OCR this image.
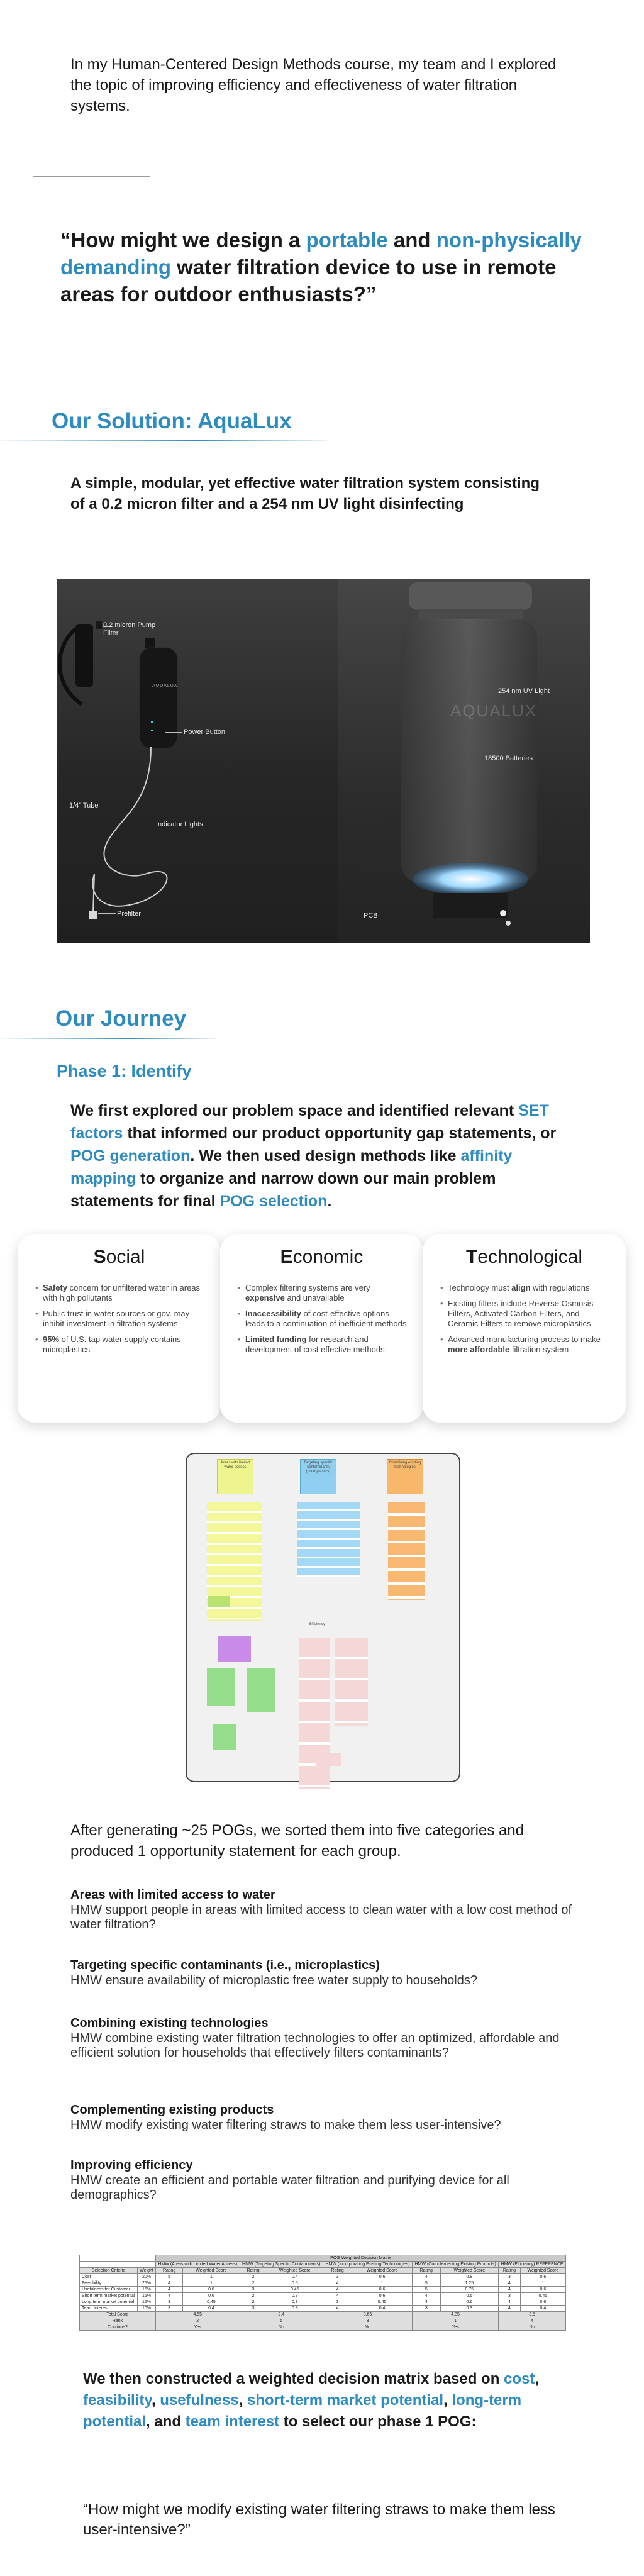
In my Human-Centered Design Methods course, my team and I explored the topic of improving efficiency and effectiveness of water filtration systems.

“How might we design a portable and non-physically demanding water filtration device to use in remote areas for outdoor enthusiasts?”

Our Solution: AquaLux

A simple, modular, yet effective water filtration system consisting of a 0.2 micron filter and a 254 nm UV light disinfecting

0.2 micron Pump
Filter
AQUALUX
Power Button
1/4” Tube
Indicator Lights
Prefilter
AQUALUX
254 nm UV Light
18500 Batteries
PCB
Our Journey
Phase 1: Identify

We first explored our problem space and identified relevant SET factors that informed our product opportunity gap statements, or POG generation. We then used design methods like affinity mapping to organize and narrow down our main problem statements for final POG selection.

Social
• Safety concern for unfiltered water in areas with high pollutants
• Public trust in water sources or gov. may inhibit investment in filtration systems
• 95% of U.S. tap water supply contains microplastics
Economic
• Complex filtering systems are very expensive and unavailable
• Inaccessibility of cost-effective options leads to a continuation of inefficient methods
• Limited funding for research and development of cost effective methods
Technological
• Technology must align with regulations
• Existing filters include Reverse Osmosis Filters, Activated Carbon Filters, and Ceramic Filters to remove microplastics
• Advanced manufacturing process to make more affordable filtration system
Areas with limited water access
Targeting specific contaminants (microplastics)
Combining existing technologies
Efficiency

After generating ~25 POGs, we sorted them into five categories and produced 1 opportunity statement for each group.

Areas with limited access to water

HMW support people in areas with limited access to clean water with a low cost method of water filtration?

Targeting specific contaminants (i.e., microplastics)

HMW ensure availability of microplastic free water supply to households?

Combining existing technologies

HMW combine existing water filtration technologies to offer an optimized, affordable and efficient solution for households that effectively filters contaminants?

Complementing existing products

HMW modify existing water filtering straws to make them less user-intensive?

Improving efficiency

HMW create an efficient and portable water filtration and purifying device for all demographics?

		POG Weighted Decision Matrix									
		HMW (Areas with Limited Water Access)		HMW (Targeting Specific Contaminants)		HMW (Incorporating Existing Technologies)		HMW (Complementing Existing Products)		HMW (Efficiency) REFERENCE	
Selection Criteria	Weight	Rating	Weighted Score	Rating	Weighted Score	Rating	Weighted Score	Rating	Weighted Score	Rating	Weighted Score
Cost	20%	5	1	2	0.4	3	0.6	4	0.8	3	0.6
Feasibility	25%	4	1	2	0.5	4	1	5	1.25	4	1
Usefulness for Customer	15%	4	0.6	3	0.45	4	0.6	5	0.75	4	0.6
Short term market potential	15%	4	0.6	2	0.3	4	0.6	4	0.6	3	0.45
Long term market potential	15%	3	0.45	2	0.3	3	0.45	4	0.6	4	0.6
Team Interest	10%	3	0.4	3	0.3	4	0.4	3	0.3	4	0.4
Total Score		4.55		2.4		3.65		4.35		3.5	
Rank		2		5		3		1		4	
Continue?		Yes		No		No		Yes		No	

We then constructed a weighted decision matrix based on cost, feasibility, usefulness, short-term market potential, long-term potential, and team interest to select our phase 1 POG:

“How might we modify existing water filtering straws to make them less user-intensive?”
